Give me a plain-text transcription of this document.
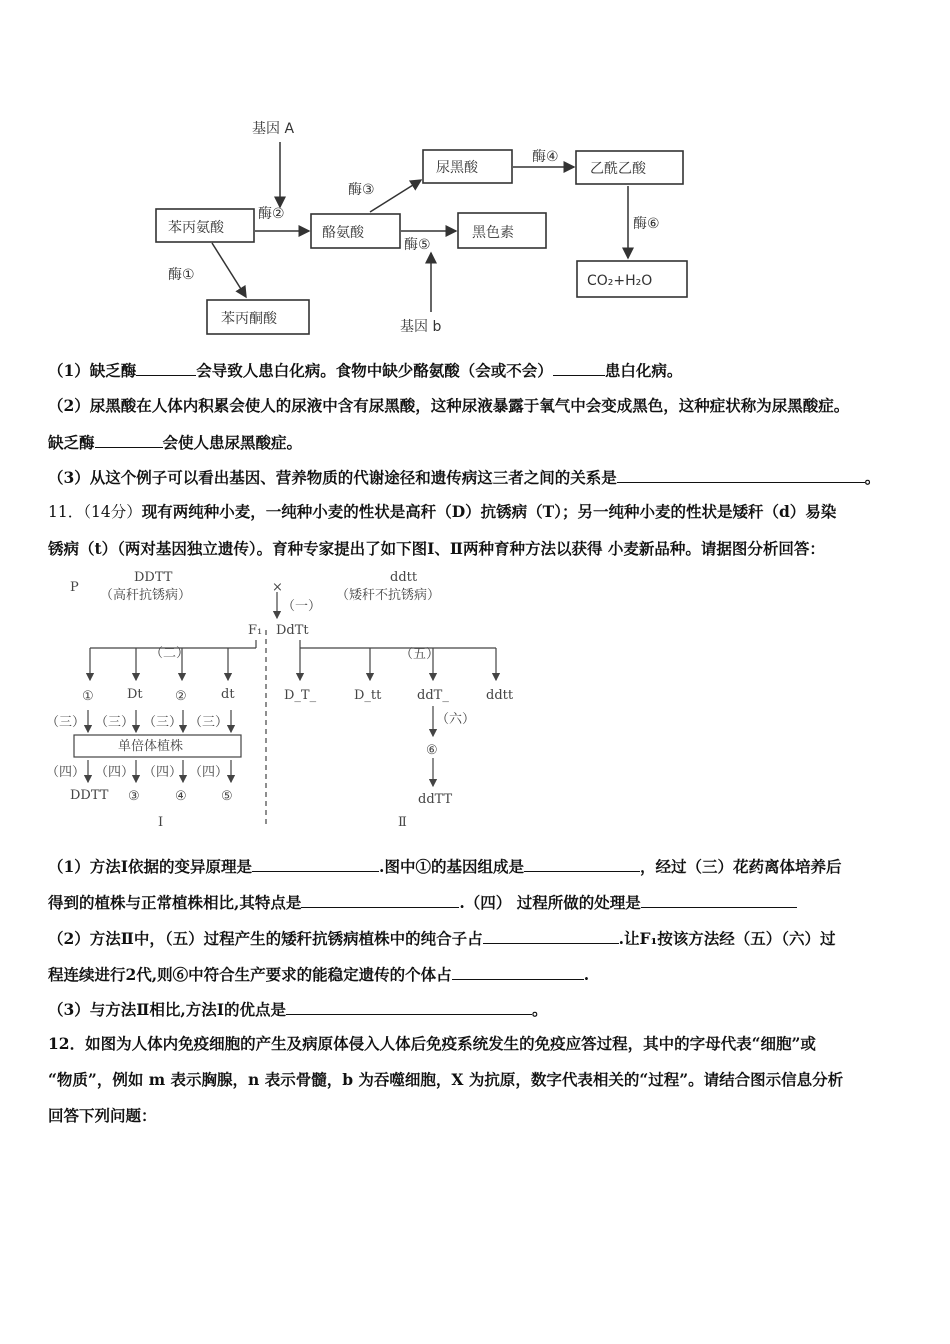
基因 A
基因 b
苯丙氨酸	酪氨酸
苯丙酮酸
尿黑酸
黑色素
乙酰乙酸
CO₂+H₂O
酶①
酶②
酶③
酶④
酶⑤
酶⑥
（1）缺乏酶	会导致人患白化病。食物中缺少酪氨酸（会或不会）	患白化病。
（2）尿黑酸在人体内积累会使人的尿液中含有尿黑酸，这种尿液暴露于氧气中会变成黑色，这种症状称为尿黑酸症。
缺乏酶	会使人患尿黑酸症。
（3）从这个例子可以看出基因、营养物质的代谢途径和遗传病这三者之间的关系是	。
11．（14分）现有两纯种小麦，一纯种小麦的性状是高秆（D）抗锈病（T）；另一纯种小麦的性状是矮秆（d）易染
锈病（t）（两对基因独立遗传）。育种专家提出了如下图Ⅰ、Ⅱ两种育种方法以获得 小麦新品种。请据图分析回答：
P
DDTT
（高秆抗锈病）
×
ddtt
（矮秆不抗锈病）
（一）
F₁ DdTt
（二）	（五）
①	Dt ②	dt	D_T_	D_tt	ddT_	ddtt
（三） （三） （三） （三）	（六）
单倍体植株	⑥
（四） （四） （四） （四）
DDTT ③	④	⑤	ddTT
Ⅰ	Ⅱ
（1）方法Ⅰ依据的变异原理是	.图中①的基因组成是	，经过（三）花药离体培养后
得到的植株与正常植株相比,其特点是	.（四） 过程所做的处理是
（2）方法Ⅱ中，（五）过程产生的矮秆抗锈病植株中的纯合子占	.让F₁按该方法经（五）（六）过
程连续进行2代,则⑥中符合生产要求的能稳定遗传的个体占	.
（3）与方法Ⅱ相比,方法Ⅰ的优点是	。
12．如图为人体内免疫细胞的产生及病原体侵入人体后免疫系统发生的免疫应答过程，其中的字母代表“细胞”或
“物质”，例如 m 表示胸腺，n 表示骨髓，b 为吞噬细胞，X 为抗原，数字代表相关的“过程”。请结合图示信息分析
回答下列问题：
